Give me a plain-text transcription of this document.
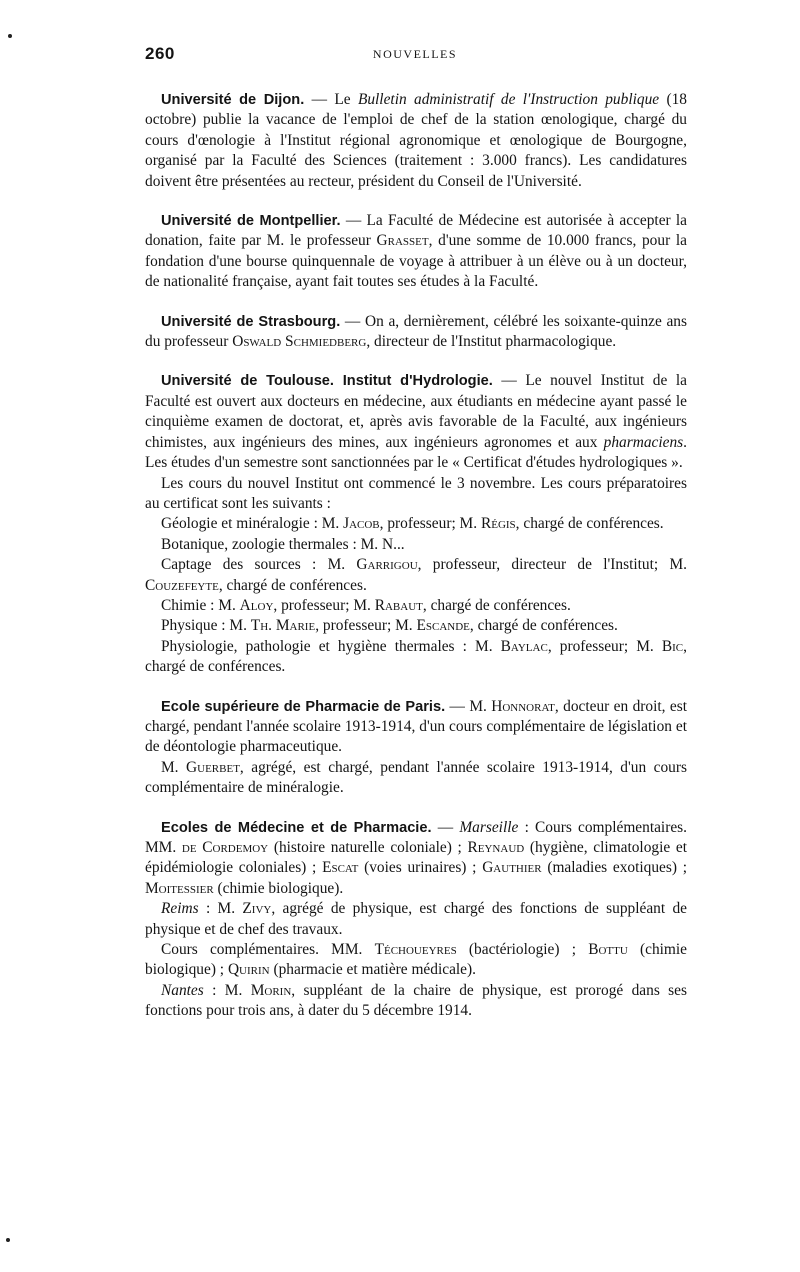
260	NOUVELLES

Université de Dijon. — Le Bulletin administratif de l'Instruction publique (18 octobre) publie la vacance de l'emploi de chef de la station œnologique, chargé du cours d'œnologie à l'Institut régional agronomique et œnologique de Bourgogne, organisé par la Faculté des Sciences (traitement : 3.000 francs). Les candidatures doivent être présentées au recteur, président du Conseil de l'Université.

Université de Montpellier. — La Faculté de Médecine est autorisée à accepter la donation, faite par M. le professeur Grasset, d'une somme de 10.000 francs, pour la fondation d'une bourse quinquennale de voyage à attribuer à un élève ou à un docteur, de nationalité française, ayant fait toutes ses études à la Faculté.

Université de Strasbourg. — On a, dernièrement, célébré les soixante-quinze ans du professeur Oswald Schmiedberg, directeur de l'Institut pharmacologique.

Université de Toulouse. Institut d'Hydrologie. — Le nouvel Institut de la Faculté est ouvert aux docteurs en médecine, aux étudiants en médecine ayant passé le cinquième examen de doctorat, et, après avis favorable de la Faculté, aux ingénieurs chimistes, aux ingénieurs des mines, aux ingénieurs agronomes et aux pharmaciens. Les études d'un semestre sont sanctionnées par le « Certificat d'études hydrologiques ».

Les cours du nouvel Institut ont commencé le 3 novembre. Les cours préparatoires au certificat sont les suivants :

Géologie et minéralogie : M. Jacob, professeur; M. Régis, chargé de conférences.

Botanique, zoologie thermales : M. N...

Captage des sources : M. Garrigou, professeur, directeur de l'Institut; M. Couzefeyte, chargé de conférences.

Chimie : M. Aloy, professeur; M. Rabaut, chargé de conférences.

Physique : M. Th. Marie, professeur; M. Escande, chargé de conférences.

Physiologie, pathologie et hygiène thermales : M. Baylac, professeur; M. Bic, chargé de conférences.

Ecole supérieure de Pharmacie de Paris. — M. Honnorat, docteur en droit, est chargé, pendant l'année scolaire 1913-1914, d'un cours complémentaire de législation et de déontologie pharmaceutique.

M. Guerbet, agrégé, est chargé, pendant l'année scolaire 1913-1914, d'un cours complémentaire de minéralogie.

Ecoles de Médecine et de Pharmacie. — Marseille : Cours complémentaires. MM. de Cordemoy (histoire naturelle coloniale) ; Reynaud (hygiène, climatologie et épidémiologie coloniales) ; Escat (voies urinaires) ; Gauthier (maladies exotiques) ; Moitessier (chimie biologique).

Reims : M. Zivy, agrégé de physique, est chargé des fonctions de suppléant de physique et de chef des travaux.

Cours complémentaires. MM. Téchoueyres (bactériologie) ; Bottu (chimie biologique) ; Quirin (pharmacie et matière médicale).

Nantes : M. Morin, suppléant de la chaire de physique, est prorogé dans ses fonctions pour trois ans, à dater du 5 décembre 1914.
